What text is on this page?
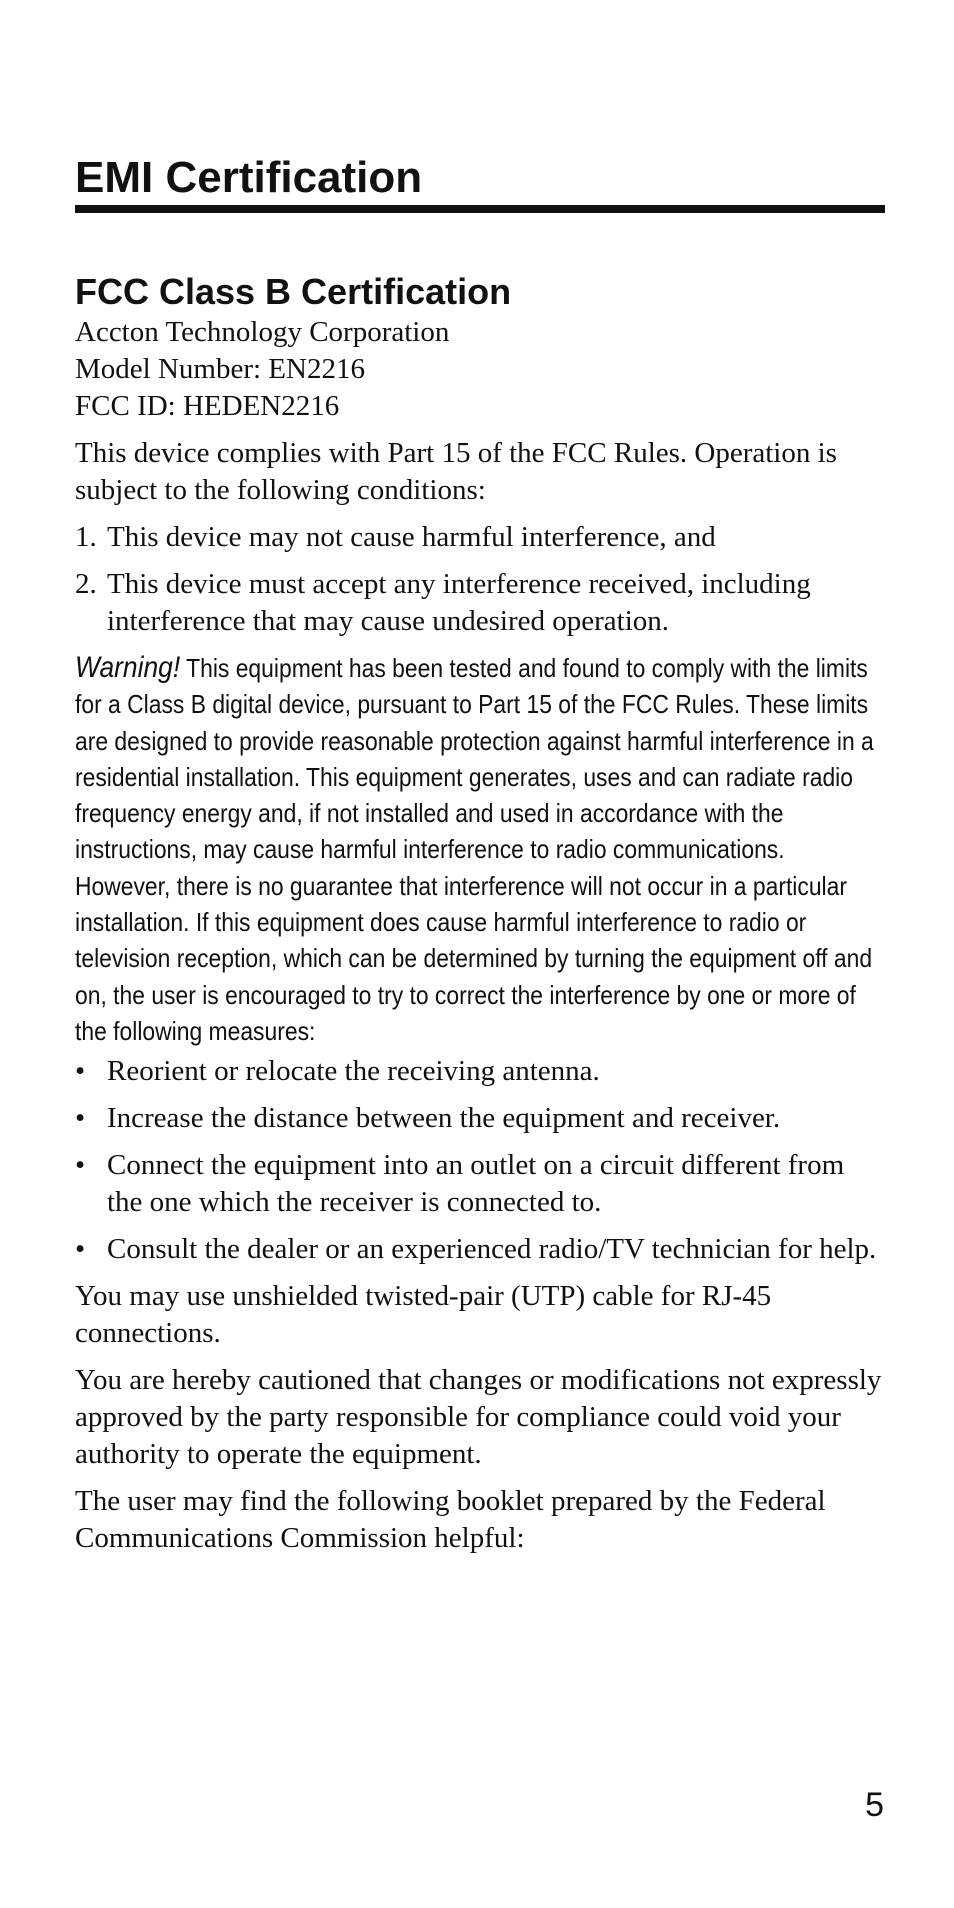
EMI Certification
FCC Class B Certification

Accton Technology Corporation

Model Number: EN2216

FCC ID: HEDEN2216

This device complies with Part 15 of the FCC Rules. Operation is subject to the following conditions:

1. This device may not cause harmful interference, and
2. This device must accept any interference received, including interference that may cause undesired operation.

Warning! This equipment has been tested and found to comply with the limits for a Class B digital device, pursuant to Part 15 of the FCC Rules. These limits are designed to provide reasonable protection against harmful interference in a residential installation. This equipment generates, uses and can radiate radio frequency energy and, if not installed and used in accordance with the instructions, may cause harmful interference to radio communications. However, there is no guarantee that interference will not occur in a particular installation. If this equipment does cause harmful interference to radio or television reception, which can be determined by turning the equipment off and on, the user is encouraged to try to correct the interference by one or more of the following measures:

• Reorient or relocate the receiving antenna.
• Increase the distance between the equipment and receiver.
• Connect the equipment into an outlet on a circuit different from the one which the receiver is connected to.
• Consult the dealer or an experienced radio/TV technician for help.

You may use unshielded twisted-pair (UTP) cable for RJ-45 connections.

You are hereby cautioned that changes or modifications not expressly approved by the party responsible for compliance could void your authority to operate the equipment.

The user may find the following booklet prepared by the Federal Communications Commission helpful:

5
